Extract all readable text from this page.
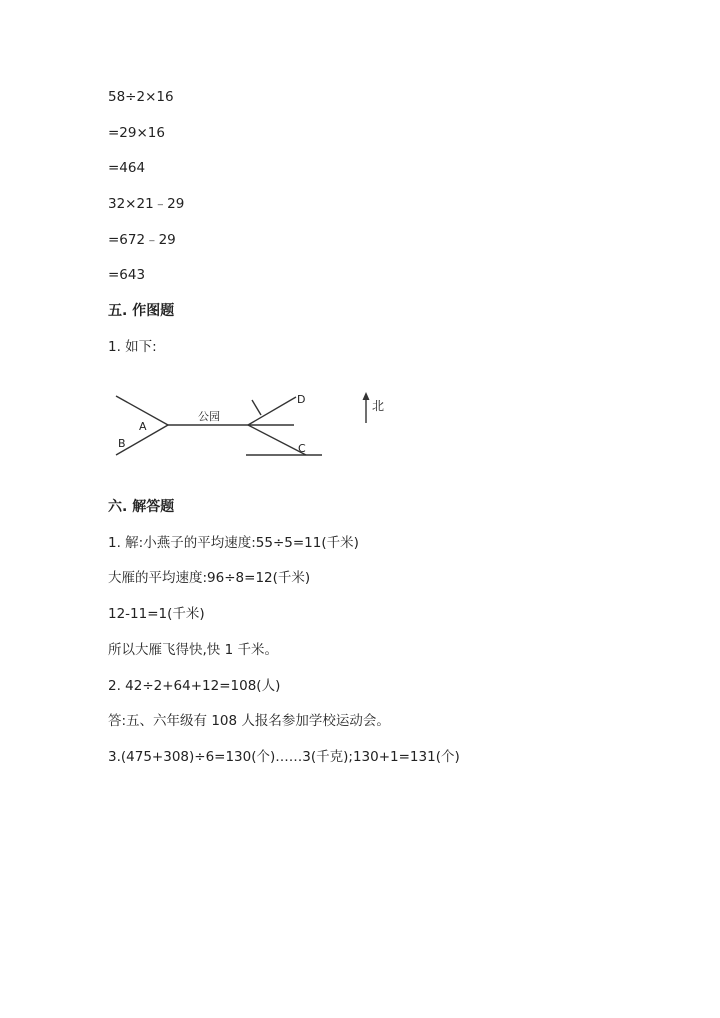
58÷2×16
=29×16
=464
32×21﹣29
=672﹣29
=643
五. 作图题
1. 如下:
B
A
公园
D
C
北
六. 解答题
1. 解:小燕子的平均速度:55÷5=11(千米)
大雁的平均速度:96÷8=12(千米)
12-11=1(千米)
所以大雁飞得快,快 1 千米。
2. 42÷2+64+12=108(人)
答:五、六年级有 108 人报名参加学校运动会。
3.(475+308)÷6=130(个)……3(千克);130+1=131(个)
